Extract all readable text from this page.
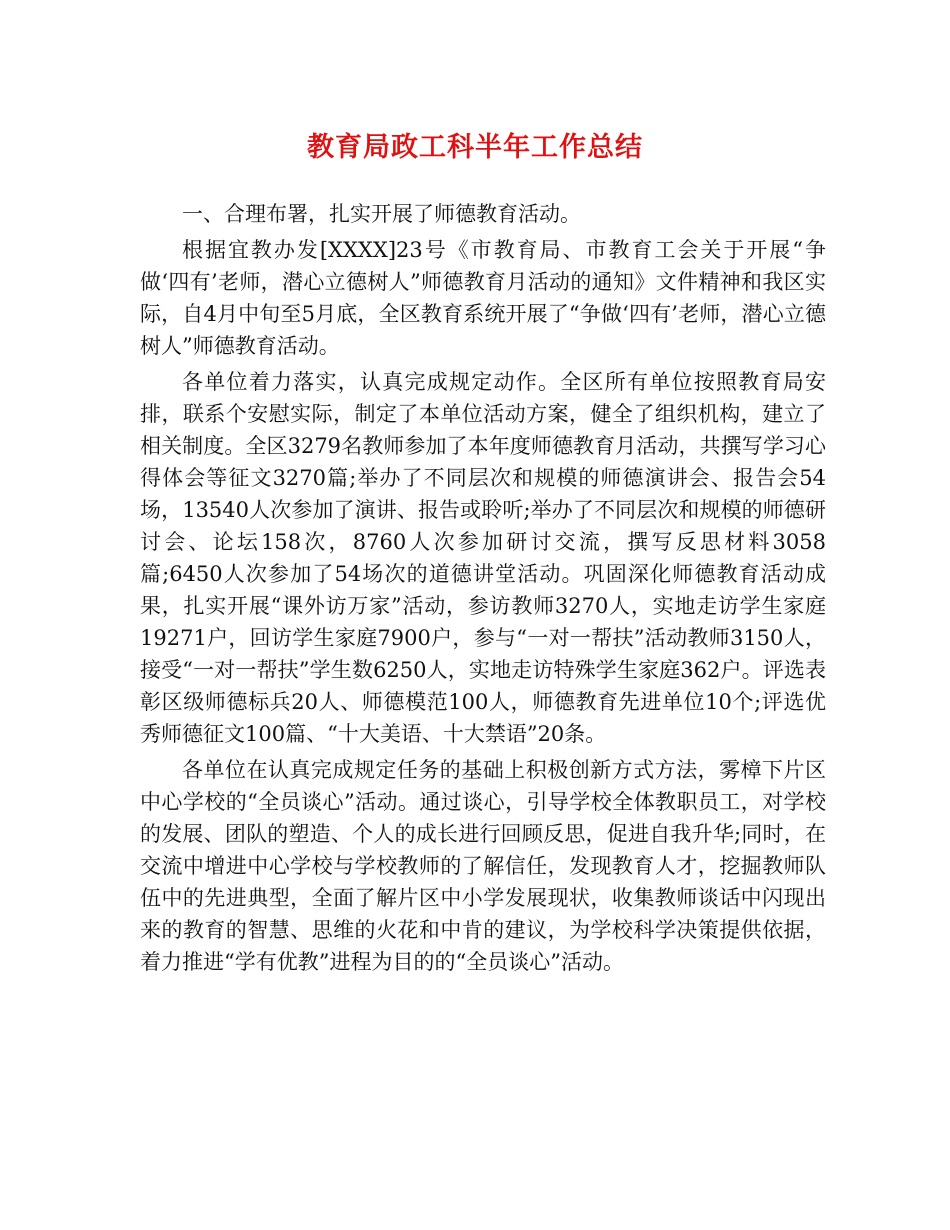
教育局政工科半年工作总结

一、合理布署，扎实开展了师德教育活动。

根据宜教办发[XXXX]23号《市教育局、市教育工会关于开展“争做‘四有’老师，潜心立德树人”师德教育月活动的通知》文件精神和我区实际，自4月中旬至5月底，全区教育系统开展了“争做‘四有’老师，潜心立德树人”师德教育活动。

各单位着力落实，认真完成规定动作。全区所有单位按照教育局安排，联系个安慰实际，制定了本单位活动方案，健全了组织机构，建立了相关制度。全区3279名教师参加了本年度师德教育月活动，共撰写学习心得体会等征文3270篇;举办了不同层次和规模的师德演讲会、报告会54场，13540人次参加了演讲、报告或聆听;举办了不同层次和规模的师德研讨会、论坛158次，8760人次参加研讨交流，撰写反思材料3058篇;6450人次参加了54场次的道德讲堂活动。巩固深化师德教育活动成果，扎实开展“课外访万家”活动，参访教师3270人，实地走访学生家庭19271户，回访学生家庭7900户，参与“一对一帮扶”活动教师3150人，接受“一对一帮扶”学生数6250人，实地走访特殊学生家庭362户。评选表彰区级师德标兵20人、师德模范100人，师德教育先进单位10个;评选优秀师德征文100篇、“十大美语、十大禁语”20条。

各单位在认真完成规定任务的基础上积极创新方式方法，雾樟下片区中心学校的“全员谈心”活动。通过谈心，引导学校全体教职员工，对学校的发展、团队的塑造、个人的成长进行回顾反思，促进自我升华;同时，在交流中增进中心学校与学校教师的了解信任，发现教育人才，挖掘教师队伍中的先进典型，全面了解片区中小学发展现状，收集教师谈话中闪现出来的教育的智慧、思维的火花和中肯的建议，为学校科学决策提供依据，着力推进“学有优教”进程为目的的“全员谈心”活动。
